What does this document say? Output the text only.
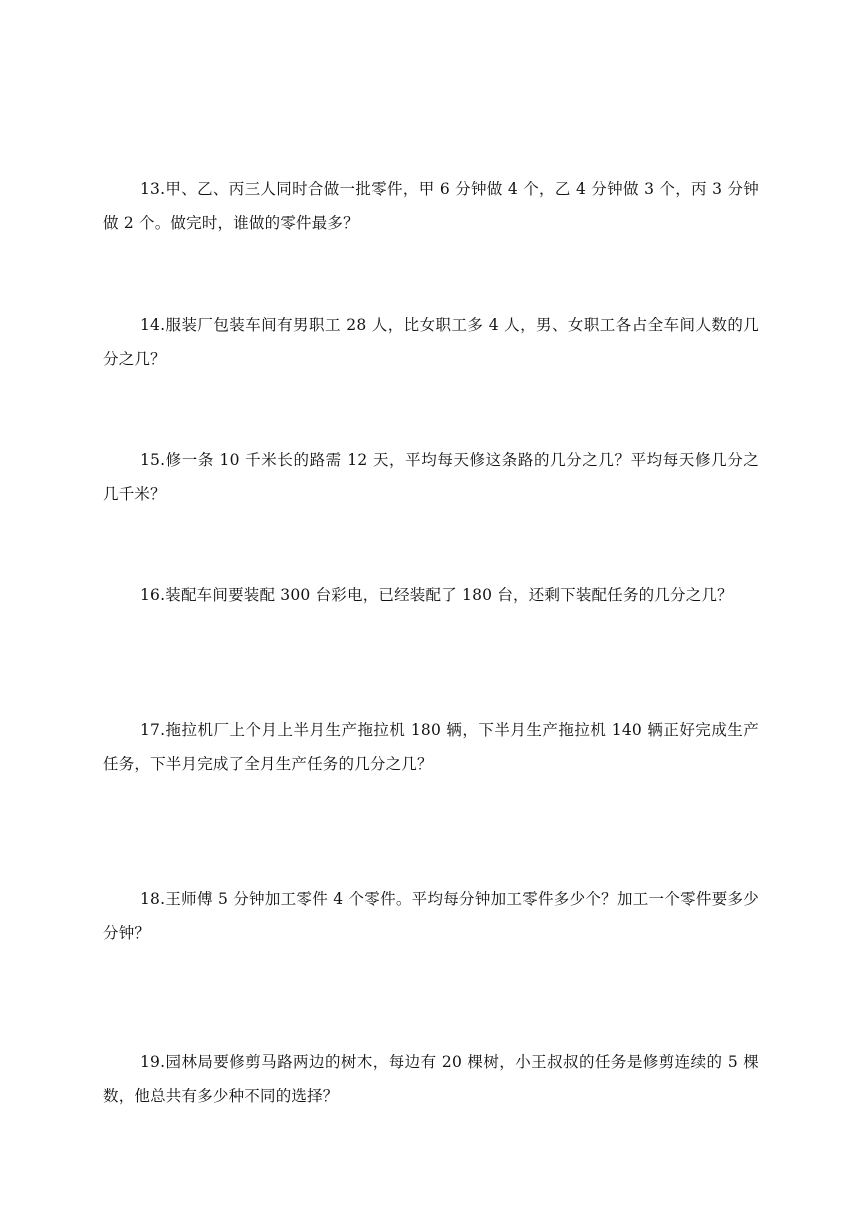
13.甲、乙、丙三人同时合做一批零件，甲 6 分钟做 4 个，乙 4 分钟做 3 个，丙 3 分钟做 2 个。做完时，谁做的零件最多？

14.服装厂包装车间有男职工 28 人，比女职工多 4 人，男、女职工各占全车间人数的几分之几？

15.修一条 10 千米长的路需 12 天，平均每天修这条路的几分之几？平均每天修几分之几千米？

16.装配车间要装配 300 台彩电，已经装配了 180 台，还剩下装配任务的几分之几？

17.拖拉机厂上个月上半月生产拖拉机 180 辆，下半月生产拖拉机 140 辆正好完成生产任务，下半月完成了全月生产任务的几分之几？

18.王师傅 5 分钟加工零件 4 个零件。平均每分钟加工零件多少个？加工一个零件要多少分钟？

19.园林局要修剪马路两边的树木，每边有 20 棵树，小王叔叔的任务是修剪连续的 5 棵数，他总共有多少种不同的选择？
